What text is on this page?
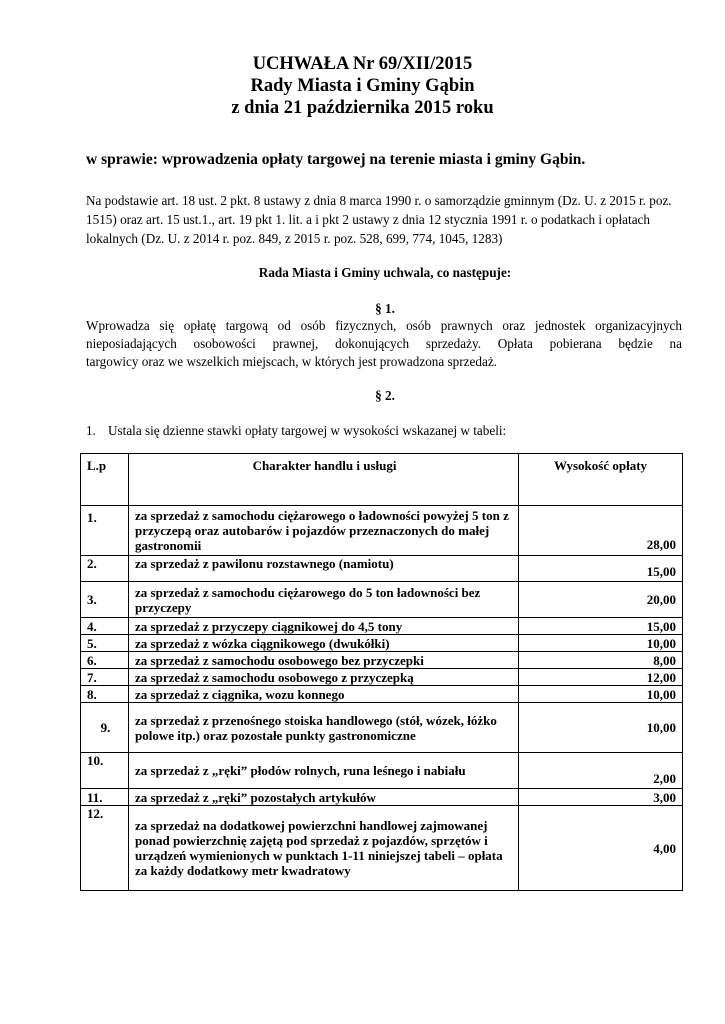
UCHWAŁA Nr 69/XII/2015
Rady Miasta i Gminy Gąbin
z dnia 21 października 2015 roku
w sprawie: wprowadzenia opłaty targowej na terenie miasta i gminy Gąbin.
Na podstawie art. 18 ust. 2 pkt. 8 ustawy z dnia 8 marca 1990 r. o samorządzie gminnym (Dz. U. z 2015 r. poz. 1515) oraz art. 15 ust.1., art. 19 pkt 1. lit. a i pkt 2 ustawy z dnia 12 stycznia 1991 r. o podatkach i opłatach lokalnych (Dz. U. z 2014 r. poz. 849, z 2015 r. poz. 528, 699, 774, 1045, 1283)
Rada Miasta i Gminy uchwala, co następuje:
§ 1.
Wprowadza się opłatę targową od osób fizycznych, osób prawnych oraz jednostek organizacyjnych
nieposiadających osobowości prawnej, dokonujących sprzedaży. Opłata pobierana będzie na
targowicy oraz we wszelkich miejscach, w których jest prowadzona sprzedaż.
§ 2.
1. Ustala się dzienne stawki opłaty targowej w wysokości wskazanej w tabeli:
L.p	Charakter handlu i usługi	Wysokość opłaty
1.	za sprzedaż z samochodu ciężarowego o ładowności powyżej 5 ton z przyczepą oraz autobarów i pojazdów przeznaczonych do małej gastronomii	28,00
2.	za sprzedaż z pawilonu rozstawnego (namiotu)	15,00
3.	za sprzedaż z samochodu ciężarowego do 5 ton ładowności bez przyczepy	20,00
4.	za sprzedaż z przyczepy ciągnikowej do 4,5 tony	15,00
5.	za sprzedaż z wózka ciągnikowego (dwukółki)	10,00
6.	za sprzedaż z samochodu osobowego bez przyczepki	8,00
7.	za sprzedaż z samochodu osobowego z przyczepką	12,00
8.	za sprzedaż z ciągnika, wozu konnego	10,00
9.	za sprzedaż z przenośnego stoiska handlowego (stół, wózek, łóżko polowe itp.) oraz pozostałe punkty gastronomiczne	10,00
10.	za sprzedaż z „ręki” płodów rolnych, runa leśnego i nabiału	2,00
11.	za sprzedaż z „ręki” pozostałych artykułów	3,00
12.	za sprzedaż na dodatkowej powierzchni handlowej zajmowanej ponad powierzchnię zajętą pod sprzedaż z pojazdów, sprzętów i urządzeń wymienionych w punktach 1-11 niniejszej tabeli – opłata za każdy dodatkowy metr kwadratowy	4,00
